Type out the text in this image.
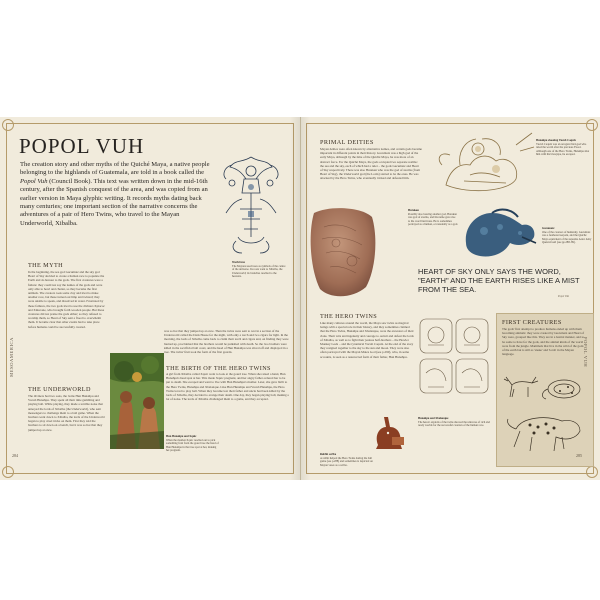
POPOL VUH
The creation story and other myths of the Quiché Maya, a native people belonging to the highlands of Guatemala, are told in a book called the Popol Vuh (Council Book). This text was written down in the mid-16th century, after the Spanish conquest of the area, and was copied from an earlier version in Maya glyphic writing. It records myths dating back many centuries; one important section of the narrative concerns the adventures of a pair of Hero Twins, who travel to the Mayan Underworld, Xibalba.
World tree
The Mayans used trees as symbols of the centre of the universe. Its roots went to Xibalba, the Underworld; its branches reached to the heavens.
THE MYTH
In the beginning, the sea god Gucumatz and the sky god Heart of Sky decided to create a human race to populate the Earth and do honour to the gods. The first creatures were a failure: they could not say the names of the gods and were only able to howl and chatter, so they became the first animals. The creators took some clay and tried to make another race, but these turned out limp and twisted; they were unable to speak, and dissolved in water. Frustrated by these failures, the two gods tried to use the diviners Xpiacoc and Xmucane, who brought forth wooden people. But these creatures did not praise the gods either; so they refused to worship them, so Heart of Sky sent a flood to overwhelm them. It became clear that other events had to take place before humans could be successfully created.
THE UNDERWORLD
The diviners had two sons, the twins Hun Hunahpu and Vucub Hunahpu. They spent all their time gambling and playing ball. While playing, they made a terrible noise that annoyed the lords of Xibalba (the Underworld), who sent messengers to challenge them to a ball game. When the brothers went down to Xibalba, the lords of the Underworld began to play cruel tricks on them. First they told the brothers to sit down on a bench, but it was so hot that they jumped up at once.
Hun Hunahpu and Xquic
When the maiden Xquic reached out to pick something fruit from the gourd tree the head of Hun Hunahpu in that tree spat at her, making her pregnant.
was so hot that they jumped up at once. Then the twins were sent to rest in a section of the Underworld called the Dark House for the night, with only a torch and two cigars for light. In the morning, the lords of Xibalba came back to claim their torch and cigars and, on finding they were burned up, proclaimed that the brothers would be punished with death. So the two brothers were killed in the sacrificial ball court, and the head of Hun Hunahpu was sliced off and displayed in a tree. The twins' fruit took the form of the first gourds.
THE BIRTH OF THE HERO TWINS
A girl from Xibalba called Xquic went to look at the gourd tree. When she raised a hand, Hun Hunahpu's head spat at her. This made Xquic pregnant, and her angry father ordered her to be put to death. She escaped and went to live with Hun Hunahpu's mother. Later, she gave birth to the Hero Twins, Hunahpu and Xbalanque. Like Hun Hunahpu and Vucub Hunahpu, the Hero Twins loved to play ball. When they became lost their father and uncle had been killed by the lords of Xibalba, they decided to avenge their death. One day, they began playing ball, making a lot of noise. The lords of Xibalba challenged them to a game, and they accepted.
MESOAMERICA
284
PRIMAL DEITIES
Mayan deities were often known by alternative names, and certain gods became important in different points in their history. Gucumatz was a high god of the early Maya, although by the time of the Quiché Maya, he was more of an abstract force. For the Quiché Maya, the gods occupied two separate realms: the sea and the sky, each of which had a ruler – the gods Gucumatz and Heart of Sky respectively. There was also Hurakan who was the god of storms (from Heart of Sky), the Underworld god (the Lords) started to be the ones. He was attacked by the Hero Twins, who eventually tricked and defeated him.
Hunahpu shooting Vucub Caquix
Vucub Caquix was an arrogant bird-god who ruled the world after the previous Flood. Although one of the Hero Twins, Hunahpu shot him with his blowpipe, he escaped.
Hurakan
Possibly also bearing another god, Hurakan was god of storms, and his name gave rise to the word hurricane. He is sometimes portrayed as a human, occasionally as a god.
Gucumatz
One of the creators of humanity, Gucumatz was a feathered serpent, and the Quiché Maya equivalent of the supreme Aztec deity Quetzalcoatl (see pp.288–89).
HEART OF SKY ONLY SAYS THE WORD, "EARTH" AND THE EARTH RISES LIKE A MIST FROM THE SEA.
Popol Vuh
THE HERO TWINS
Like many cultures around the world, the Maya saw twins as magical beings with a special role in their history, and they sometimes claimed that the Hero Twins, Hunahpu and Xbalanque, were the ancestors of their clans. Their wits and ingenuity and courage to outwit and defeat the lords of Xibalba, as well as to fight their jealous half-brothers – the Howler Monkey Gods – and the tyrannical Vucub Caquix. At the end of the story they resigned together to the sky to the sun and moon. They were also often portrayed with the Mayan Maize God (see p.290), who, in some accounts, is seen as a resurrected form of their father, Hun Hunahpu.
Rabbit scribe
A rabbit helped the Hero Twins during the ball game (see p.288) and sometimes is depicted on Mayan vases as a scribe.
Hunahpu and Xbalanque
The heroic exploits of the twins showed the universe of rich and ready worlds for the successful creation of the human race.
FIRST CREATURES
The gods' first attempt to produce humans ended up with them becoming animals: they were created by Gucumatz and Heart of Sky were, grouped like this. They are in a bestial manner, and to be some to have for the gods, and the animal kinds of the world were from the jungle. Mammals that live in the wild of the gods of the earth but is still as 'snake' and 'lords' in the Mayan language.	POPOL VUH
285
